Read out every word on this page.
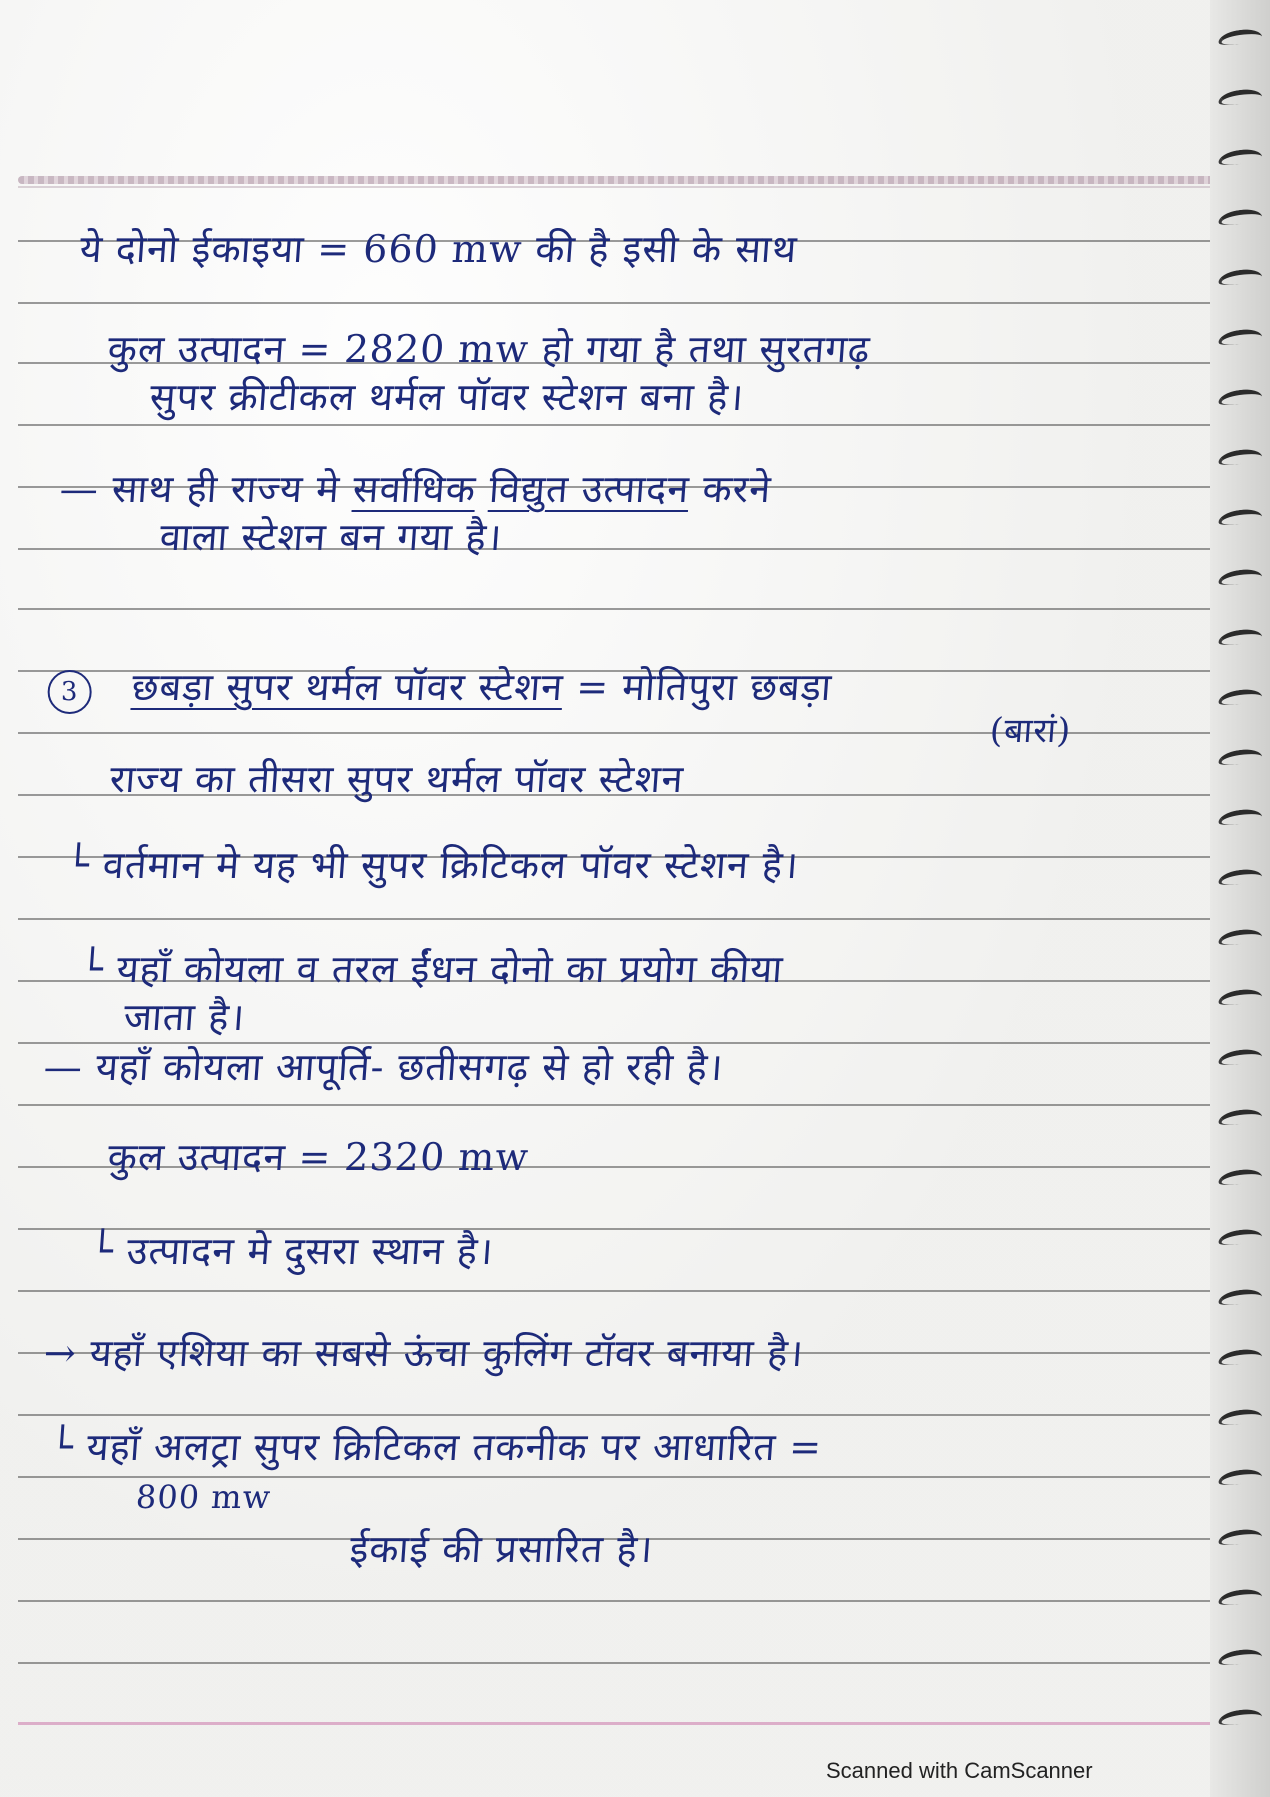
ये दोनो ईकाइया = 660 mw की है इसी के साथ
कुल उत्पादन = 2820 mw हो गया है तथा सुरतगढ़
सुपर क्रीटीकल थर्मल पॉवर स्टेशन बना है।
— साथ ही राज्य मे सर्वाधिक विद्युत उत्पादन करने
वाला स्टेशन बन गया है।
3 छबड़ा सुपर थर्मल पॉवर स्टेशन = मोतिपुरा छबड़ा
(बारां)
राज्य का तीसरा सुपर थर्मल पॉवर स्टेशन
└ वर्तमान मे यह भी सुपर क्रिटिकल पॉवर स्टेशन है।
└ यहाँ कोयला व तरल ईंधन दोनो का प्रयोग कीया
जाता है।
— यहाँ कोयला आपूर्ति- छतीसगढ़ से हो रही है।
कुल उत्पादन = 2320 mw
└ उत्पादन मे दुसरा स्थान है।
→ यहाँ एशिया का सबसे ऊंचा कुलिंग टॉवर बनाया है।
└ यहाँ अलट्रा सुपर क्रिटिकल तकनीक पर आधारित =
800 mw
ईकाई की प्रसारित है।
Scanned with CamScanner
